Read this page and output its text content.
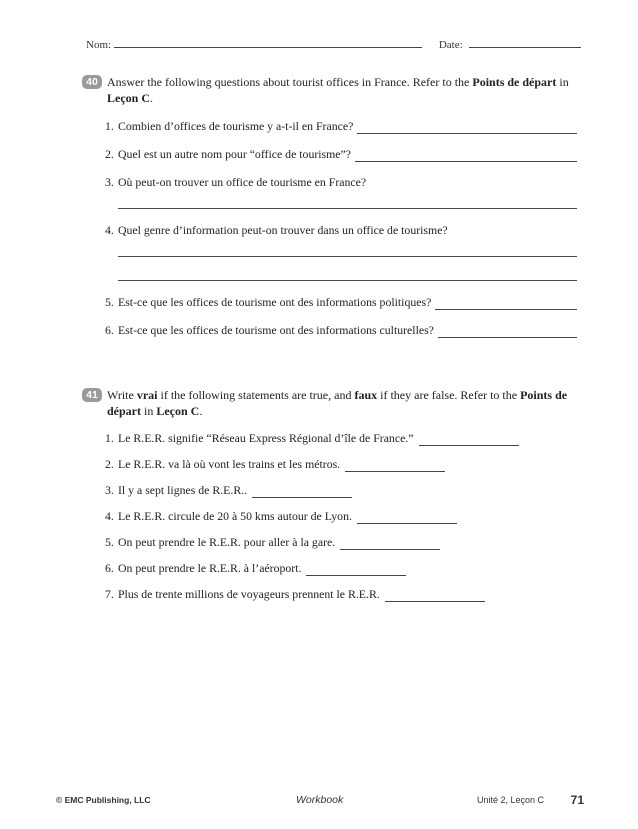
Nom:	Date:
40 Answer the following questions about tourist offices in France. Refer to the Points de départ in Leçon C.
1. Combien d’offices de tourisme y a-t-il en France?
2. Quel est un autre nom pour “office de tourisme”?
3. Où peut-on trouver un office de tourisme en France?
4. Quel genre d’information peut-on trouver dans un office de tourisme?
5. Est-ce que les offices de tourisme ont des informations politiques?
6. Est-ce que les offices de tourisme ont des informations culturelles?
41 Write vrai if the following statements are true, and faux if they are false. Refer to the Points de départ in Leçon C.
1. Le R.E.R. signifie “Réseau Express Régional d’île de France.”
2. Le R.E.R. va là où vont les trains et les métros.
3. Il y a sept lignes de R.E.R..
4. Le R.E.R. circule de 20 à 50 kms autour de Lyon.
5. On peut prendre le R.E.R. pour aller à la gare.
6. On peut prendre le R.E.R. à l’aéroport.
7. Plus de trente millions de voyageurs prennent le R.E.R.
© EMC Publishing, LLC	Workbook	Unité 2, Leçon C 71
